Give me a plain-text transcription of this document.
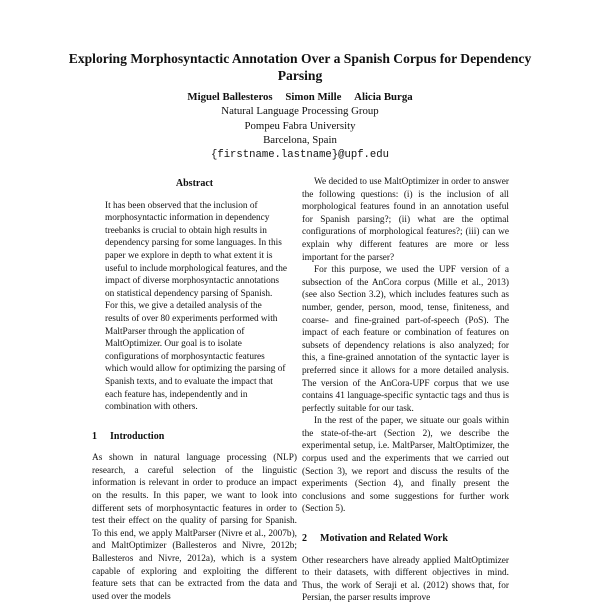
Exploring Morphosyntactic Annotation Over a Spanish Corpus for Dependency Parsing
Miguel Ballesteros Simon Mille Alicia Burga
Natural Language Processing Group
Pompeu Fabra University
Barcelona, Spain
{firstname.lastname}@upf.edu
Abstract

It has been observed that the inclusion of morphosyntactic information in dependency treebanks is crucial to obtain high results in dependency parsing for some languages. In this paper we explore in depth to what extent it is useful to include morphological features, and the impact of diverse morphosyntactic annotations on statistical dependency parsing of Spanish. For this, we give a detailed analysis of the results of over 80 experiments performed with MaltParser through the application of MaltOptimizer. Our goal is to isolate configurations of morphosyntactic features which would allow for optimizing the parsing of Spanish texts, and to evaluate the impact that each feature has, independently and in combination with others.

1 Introduction

As shown in natural language processing (NLP) research, a careful selection of the linguistic information is relevant in order to produce an impact on the results. In this paper, we want to look into different sets of morphosyntactic features in order to test their effect on the quality of parsing for Spanish. To this end, we apply MaltParser (Nivre et al., 2007b), and MaltOptimizer (Ballesteros and Nivre, 2012b; Ballesteros and Nivre, 2012a), which is a system capable of exploring and exploiting the different feature sets that can be extracted from the data and used over the models

We decided to use MaltOptimizer in order to answer the following questions: (i) is the inclusion of all morphological features found in an annotation useful for Spanish parsing?; (ii) what are the optimal configurations of morphological features?; (iii) can we explain why different features are more or less important for the parser?

For this purpose, we used the UPF version of a subsection of the AnCora corpus (Mille et al., 2013) (see also Section 3.2), which includes features such as number, gender, person, mood, tense, finiteness, and coarse- and fine-grained part-of-speech (PoS). The impact of each feature or combination of features on subsets of dependency relations is also analyzed; for this, a fine-grained annotation of the syntactic layer is preferred since it allows for a more detailed analysis. The version of the AnCora-UPF corpus that we use contains 41 language-specific syntactic tags and thus is perfectly suitable for our task.

In the rest of the paper, we situate our goals within the state-of-the-art (Section 2), we describe the experimental setup, i.e. MaltParser, MaltOptimizer, the corpus used and the experiments that we carried out (Section 3), we report and discuss the results of the experiments (Section 4), and finally present the conclusions and some suggestions for further work (Section 5).

2 Motivation and Related Work

Other researchers have already applied MaltOptimizer to their datasets, with different objectives in mind. Thus, the work of Seraji et al. (2012) shows that, for Persian, the parser results improve
